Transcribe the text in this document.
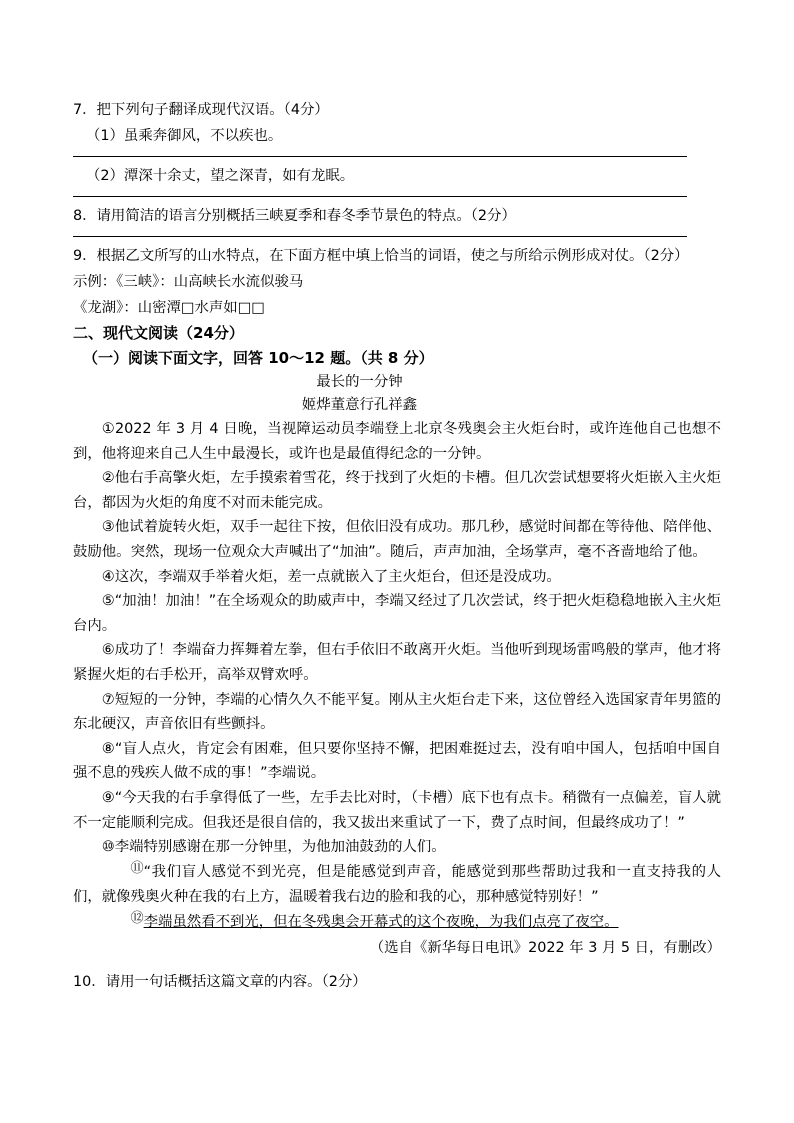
7．把下列句子翻译成现代汉语。（4分）
（1）虽乘奔御风，不以疾也。
（2）潭深十余丈，望之深青，如有龙眠。
8．请用简洁的语言分别概括三峡夏季和春冬季节景色的特点。（2分）
9．根据乙文所写的山水特点，在下面方框中填上恰当的词语，使之与所给示例形成对仗。（2分）
示例：《三峡》：山高峡长水流似骏马
《龙湖》：山密潭□水声如□□
二、现代文阅读（24分）
（一）阅读下面文字，回答 10～12 题。（共 8 分）
最长的一分钟
姬烨董意行孔祥鑫
①2022 年 3 月 4 日晚，当视障运动员李端登上北京冬残奥会主火炬台时，或许连他自己也想不到，他将迎来自己人生中最漫长，或许也是最值得纪念的一分钟。
②他右手高擎火炬，左手摸索着雪花，终于找到了火炬的卡槽。但几次尝试想要将火炬嵌入主火炬台，都因为火炬的角度不对而未能完成。
③他试着旋转火炬，双手一起往下按，但依旧没有成功。那几秒，感觉时间都在等待他、陪伴他、鼓励他。突然，现场一位观众大声喊出了“加油”。随后，声声加油，全场掌声，毫不吝啬地给了他。
④这次，李端双手举着火炬，差一点就嵌入了主火炬台，但还是没成功。
⑤“加油！加油！”在全场观众的助威声中，李端又经过了几次尝试，终于把火炬稳稳地嵌入主火炬台内。
⑥成功了！李端奋力挥舞着左拳，但右手依旧不敢离开火炬。当他听到现场雷鸣般的掌声，他才将紧握火炬的右手松开，高举双臂欢呼。
⑦短短的一分钟，李端的心情久久不能平复。刚从主火炬台走下来，这位曾经入选国家青年男篮的东北硬汉，声音依旧有些颤抖。
⑧“盲人点火，肯定会有困难，但只要你坚持不懈，把困难挺过去，没有咱中国人，包括咱中国自强不息的残疾人做不成的事！”李端说。
⑨“今天我的右手拿得低了一些，左手去比对时，（卡槽）底下也有点卡。稍微有一点偏差，盲人就不一定能顺利完成。但我还是很自信的，我又拔出来重试了一下，费了点时间，但最终成功了！”
⑩李端特别感谢在那一分钟里，为他加油鼓劲的人们。
⑪“我们盲人感觉不到光亮，但是能感觉到声音，能感觉到那些帮助过我和一直支持我的人们，就像残奥火种在我的右上方，温暖着我右边的脸和我的心，那种感觉特别好！”
⑫李端虽然看不到光，但在冬残奥会开幕式的这个夜晚，为我们点亮了夜空。
（选自《新华每日电讯》2022 年 3 月 5 日，有删改）
10．请用一句话概括这篇文章的内容。（2分）
